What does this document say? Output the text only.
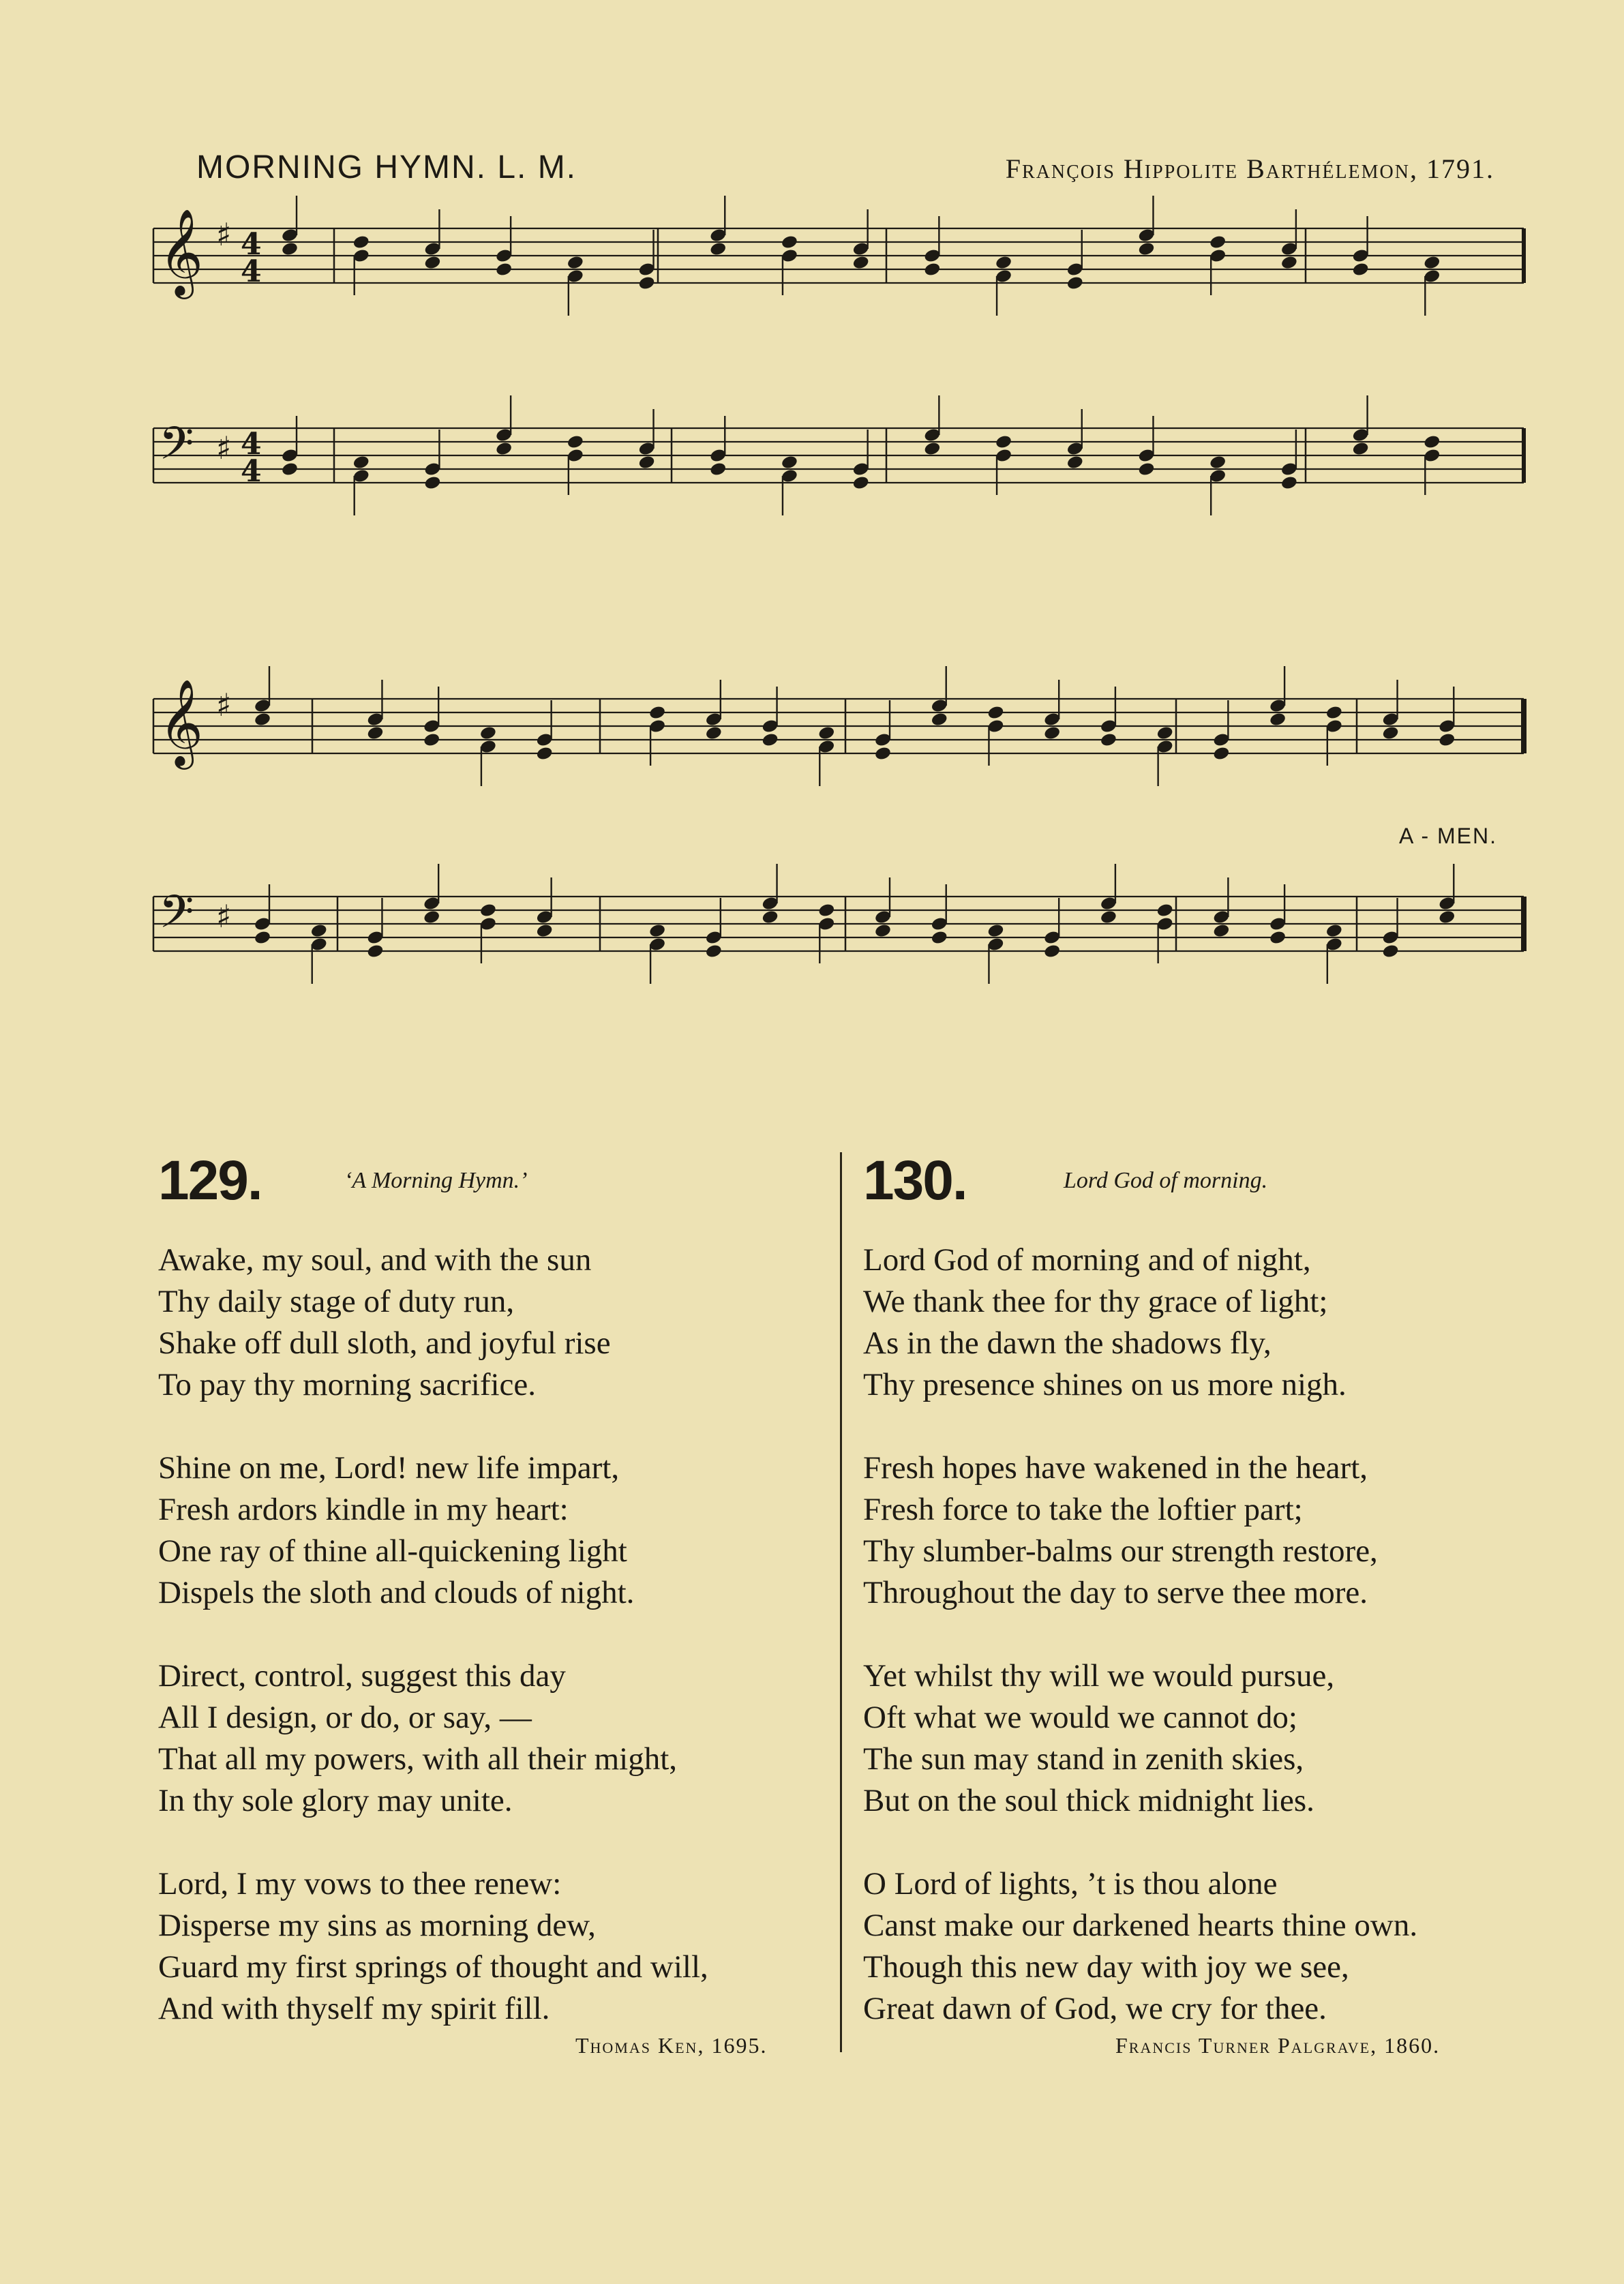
MORNING HYMN. L. M.	François Hippolite Barthélemon, 1791.
𝄞 ♯ 4
4
𝄢 ♯ 4
4
𝄞 ♯
𝄢 ♯
A - MEN.
129.	‘A Morning Hymn.’

Awake, my soul, and with the sun

Thy daily stage of duty run,

Shake off dull sloth, and joyful rise

To pay thy morning sacrifice.

Shine on me, Lord! new life impart,

Fresh ardors kindle in my heart:

One ray of thine all-quickening light

Dispels the sloth and clouds of night.

Direct, control, suggest this day

All I design, or do, or say, —

That all my powers, with all their might,

In thy sole glory may unite.

Lord, I my vows to thee renew:

Disperse my sins as morning dew,

Guard my first springs of thought and will,

And with thyself my spirit fill.

Thomas Ken, 1695.
130.	Lord God of morning.

Lord God of morning and of night,

We thank thee for thy grace of light;

As in the dawn the shadows fly,

Thy presence shines on us more nigh.

Fresh hopes have wakened in the heart,

Fresh force to take the loftier part;

Thy slumber-balms our strength restore,

Throughout the day to serve thee more.

Yet whilst thy will we would pursue,

Oft what we would we cannot do;

The sun may stand in zenith skies,

But on the soul thick midnight lies.

O Lord of lights, ’t is thou alone

Canst make our darkened hearts thine own.

Though this new day with joy we see,

Great dawn of God, we cry for thee.

Francis Turner Palgrave, 1860.
